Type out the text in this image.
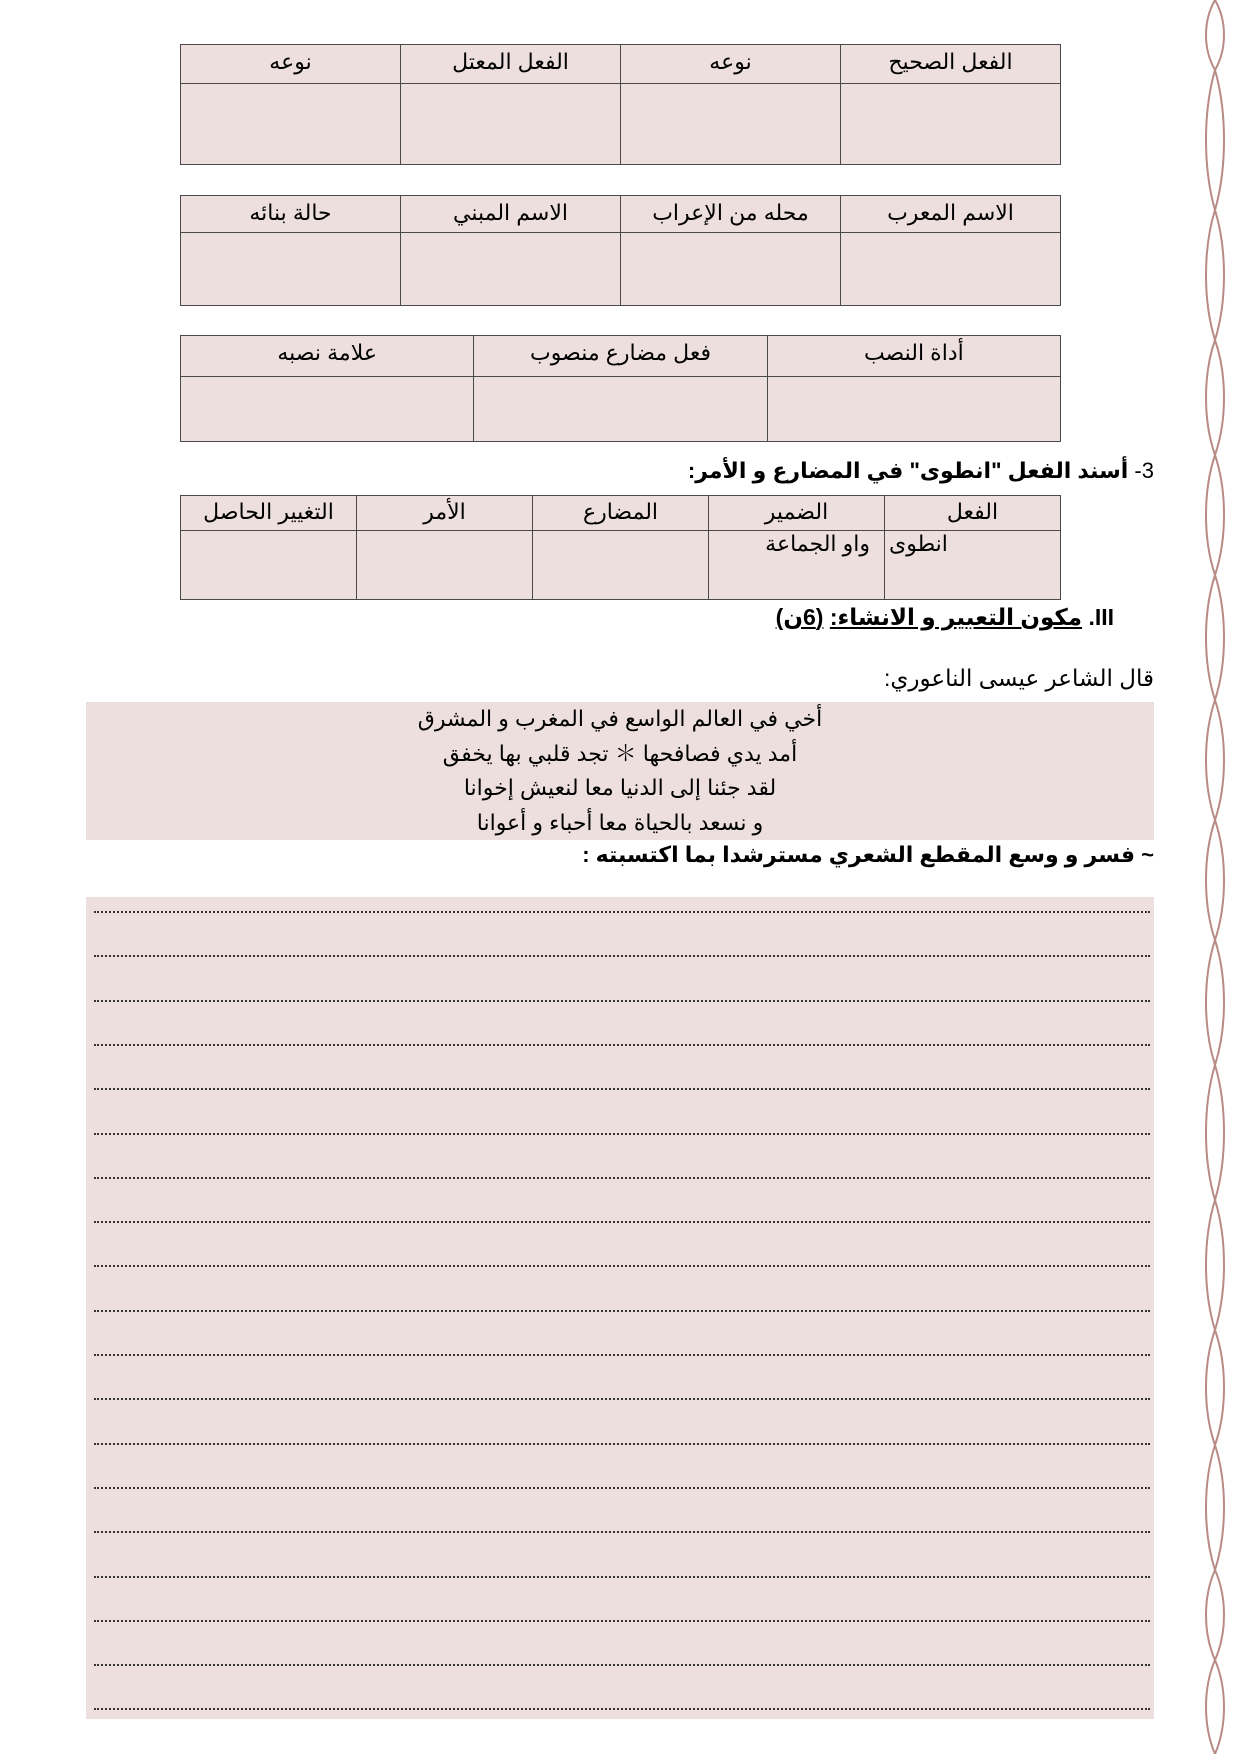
الفعل الصحيح	نوعه	الفعل المعتل	نوعه

الاسم المعرب	محله من الإعراب	الاسم المبني	حالة بنائه

أداة النصب	فعل مضارع منصوب	علامة نصبه

3- أسند الفعل "انطوى" في المضارع و الأمر:
الفعل	الضمير	المضارع	الأمر	التغيير الحاصل
انطوى	واو الجماعة			
III. مكون التعبير و الانشاء: (6ن)
قال الشاعر عيسى الناعوري:
أخي في العالم الواسع في المغرب و المشرق
أمد يدي فصافحها ＊ تجد قلبي بها يخفق
لقد جئنا إلى الدنيا معا لنعيش إخوانا
و نسعد بالحياة معا أحباء و أعوانا
~ فسر و وسع المقطع الشعري مسترشدا بما اكتسبته :
